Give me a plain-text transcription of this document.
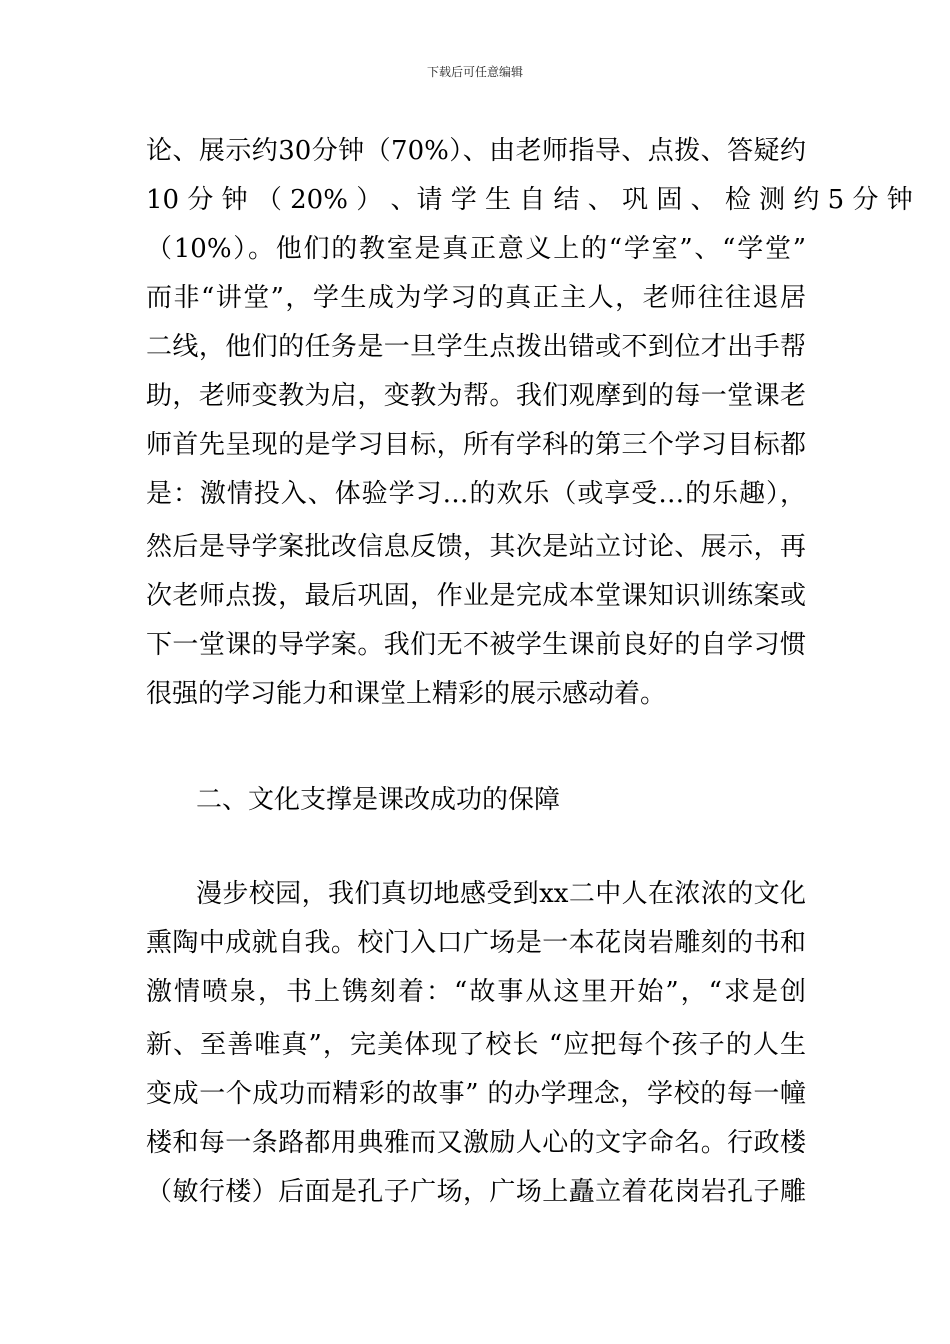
下载后可任意编辑
论、展示约30分钟（70%）、由老师指导、点拨、答疑约
10 分 钟 （ 20% ） 、请 学 生 自 结 、 巩 固 、 检 测 约 5 分 钟
（10%）。他们的教室是真正意义上的“学室”、“学堂”
而非“讲堂”，学生成为学习的真正主人，老师往往退居
二线，他们的任务是一旦学生点拨出错或不到位才出手帮
助，老师变教为启，变教为帮。我们观摩到的每一堂课老
师首先呈现的是学习目标，所有学科的第三个学习目标都
是：激情投入、体验学习…的欢乐（或享受…的乐趣），
然后是导学案批改信息反馈，其次是站立讨论、展示，再
次老师点拨，最后巩固，作业是完成本堂课知识训练案或
下一堂课的导学案。我们无不被学生课前良好的自学习惯
很强的学习能力和课堂上精彩的展示感动着。
二、文化支撑是课改成功的保障
漫步校园，我们真切地感受到xx二中人在浓浓的文化
熏陶中成就自我。校门入口广场是一本花岗岩雕刻的书和
激情喷泉，书上镌刻着：“故事从这里开始”，“求是创
新、至善唯真”，完美体现了校长 “应把每个孩子的人生
变成一个成功而精彩的故事” 的办学理念，学校的每一幢
楼和每一条路都用典雅而又激励人心的文字命名。行政楼
（敏行楼）后面是孔子广场，广场上矗立着花岗岩孔子雕
